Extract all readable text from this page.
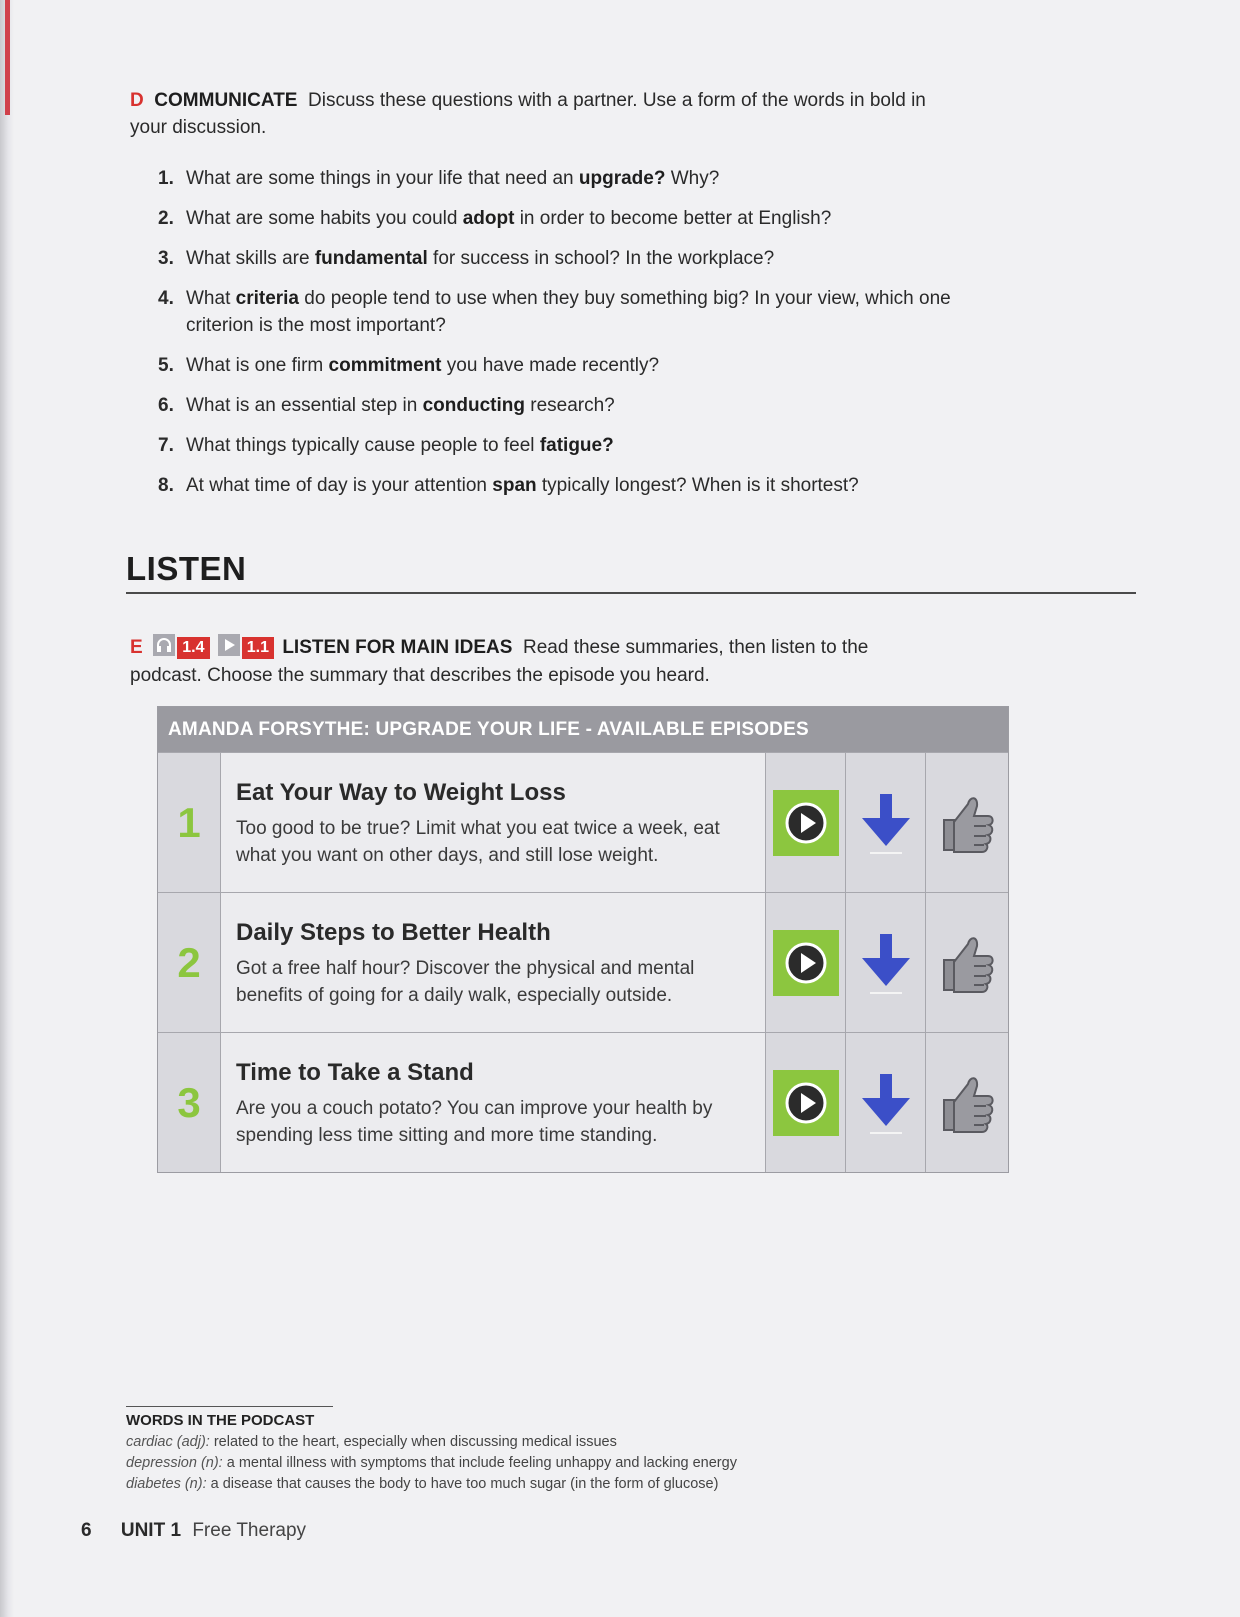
D COMMUNICATE Discuss these questions with a partner. Use a form of the words in bold in your discussion.
1. What are some things in your life that need an upgrade? Why?
2. What are some habits you could adopt in order to become better at English?
3. What skills are fundamental for success in school? In the workplace?
4. What criteria do people tend to use when they buy something big? In your view, which one criterion is the most important?
5. What is one firm commitment you have made recently?
6. What is an essential step in conducting research?
7. What things typically cause people to feel fatigue?
8. At what time of day is your attention span typically longest? When is it shortest?
LISTEN
E 1.4	1.1 LISTEN FOR MAIN IDEAS Read these summaries, then listen to the podcast. Choose the summary that describes the episode you heard.
AMANDA FORSYTHE: UPGRADE YOUR LIFE - AVAILABLE EPISODES
1
Eat Your Way to Weight Loss
Too good to be true? Limit what you eat twice a week, eat what you want on other days, and still lose weight.
2
Daily Steps to Better Health
Got a free half hour? Discover the physical and mental benefits of going for a daily walk, especially outside.
3
Time to Take a Stand
Are you a couch potato? You can improve your health by spending less time sitting and more time standing.
WORDS IN THE PODCAST
cardiac (adj): related to the heart, especially when discussing medical issues
depression (n): a mental illness with symptoms that include feeling unhappy and lacking energy
diabetes (n): a disease that causes the body to have too much sugar (in the form of glucose)
6 UNIT 1 Free Therapy
